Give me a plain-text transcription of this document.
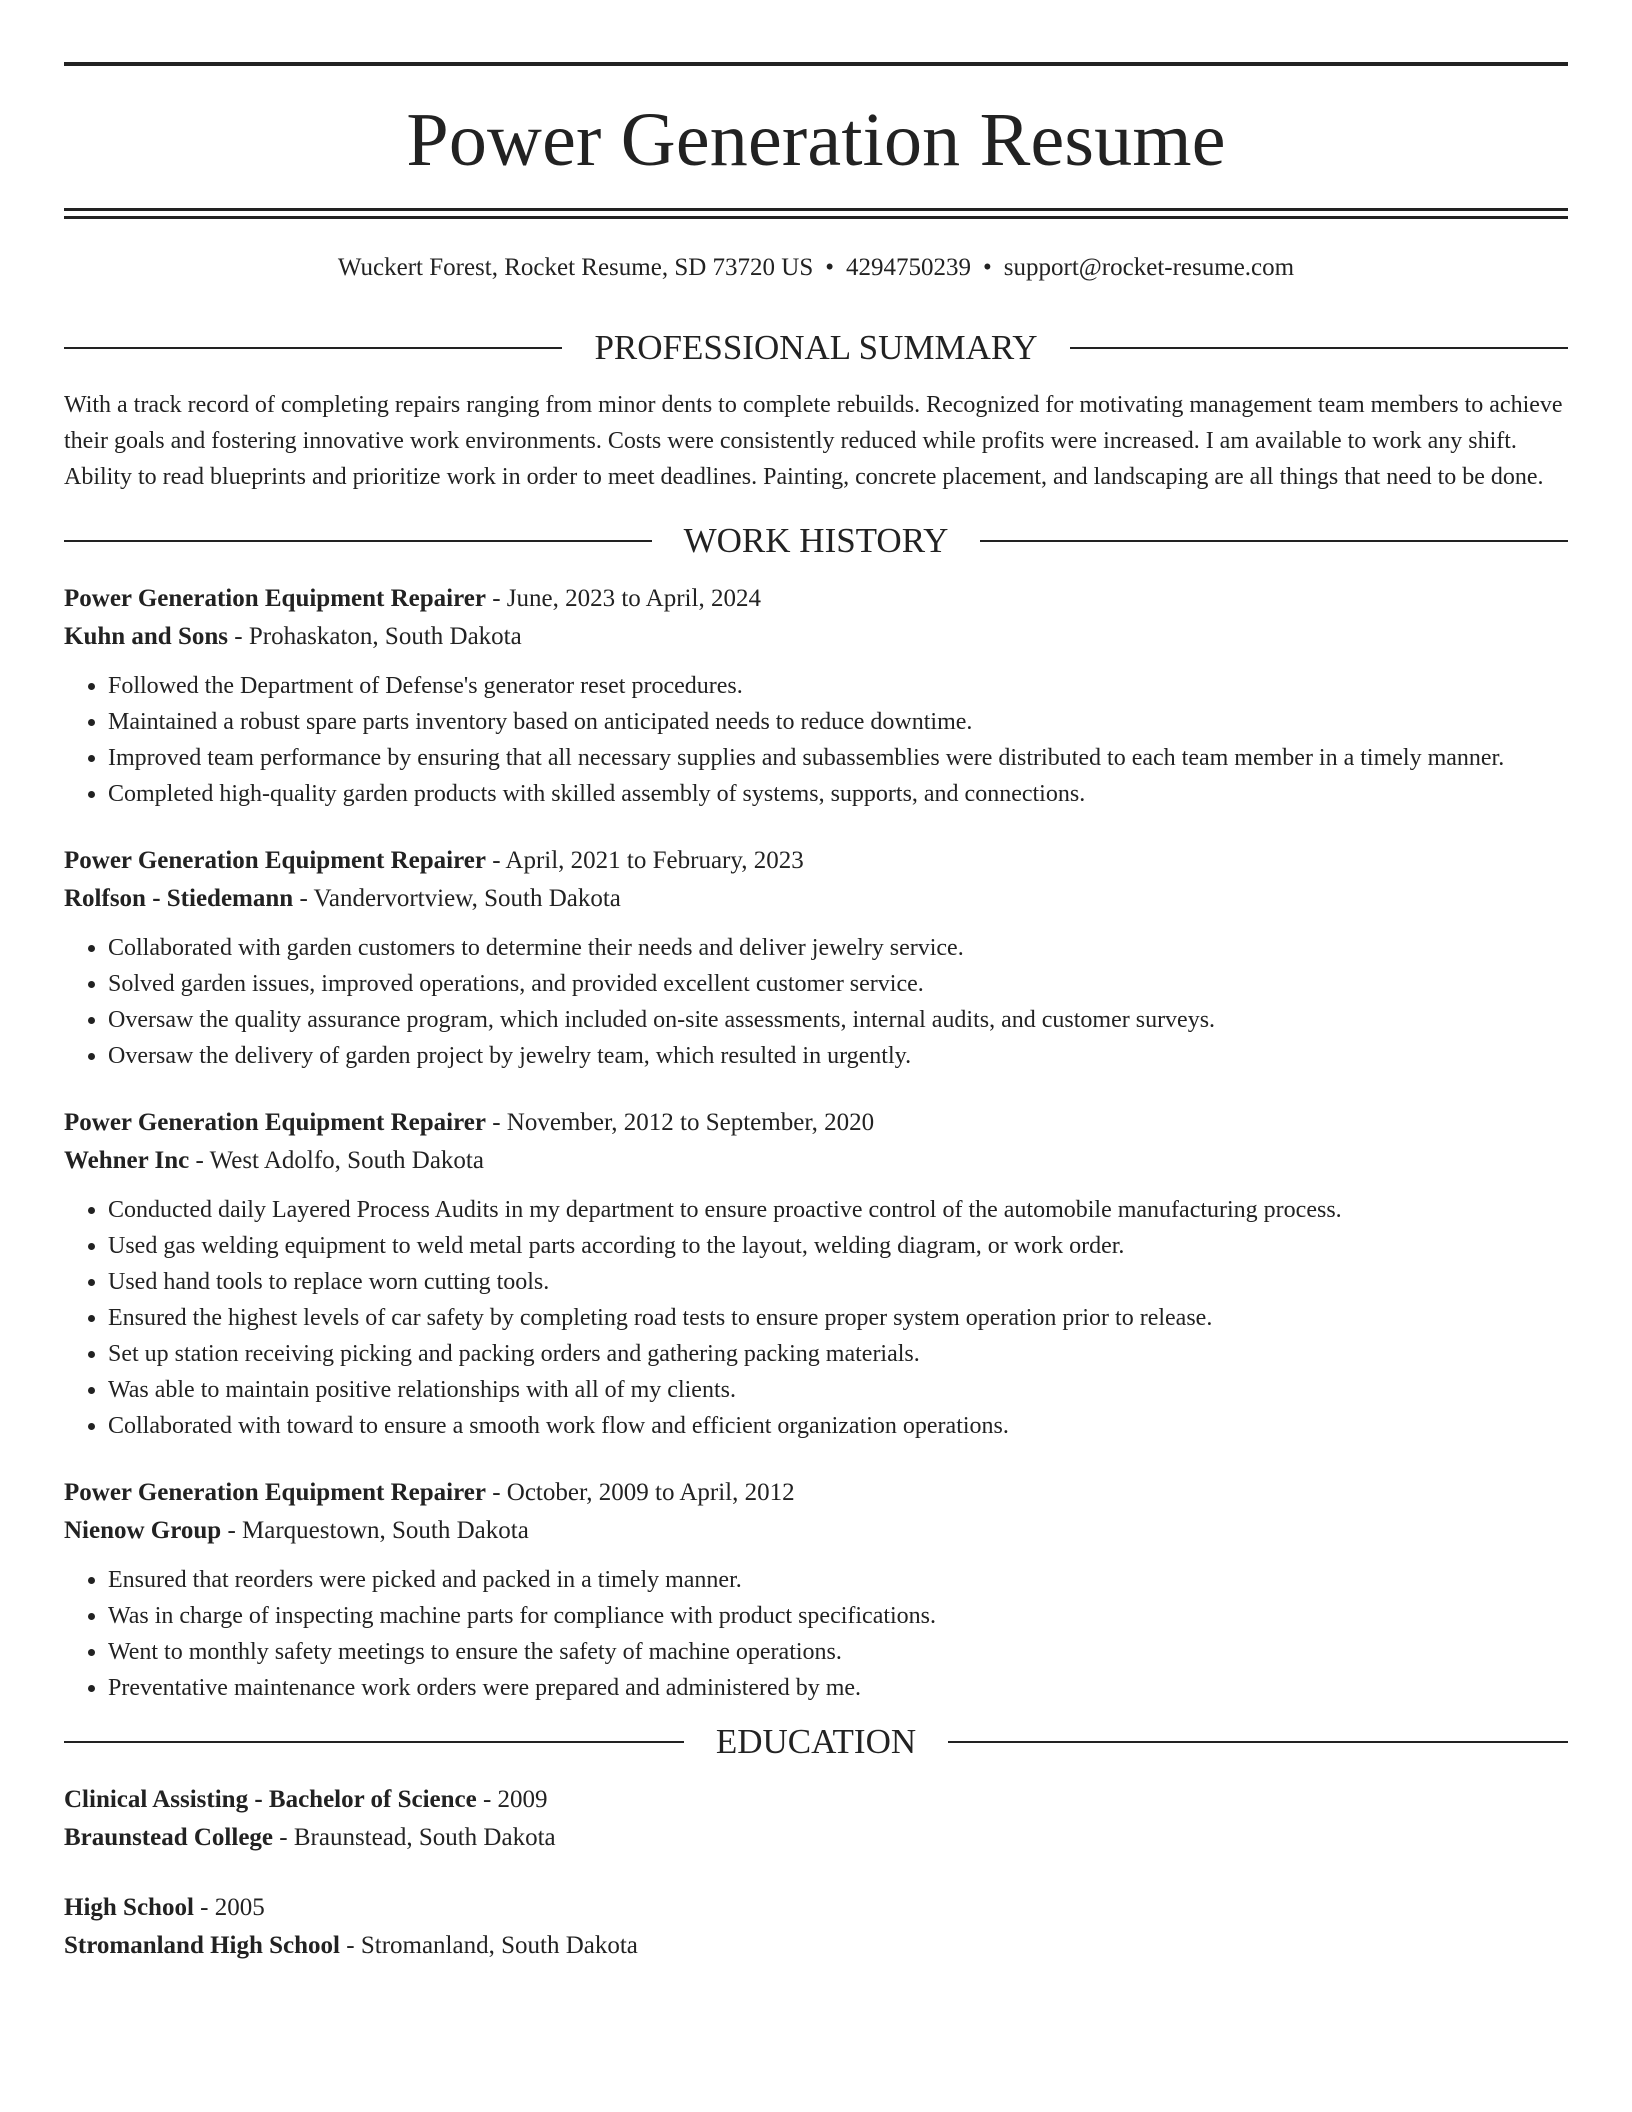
Power Generation Resume
Wuckert Forest, Rocket Resume, SD 73720 US • 4294750239 • support@rocket-resume.com
PROFESSIONAL SUMMARY

With a track record of completing repairs ranging from minor dents to complete rebuilds. Recognized for motivating management team members to achieve their goals and fostering innovative work environments. Costs were consistently reduced while profits were increased. I am available to work any shift. Ability to read blueprints and prioritize work in order to meet deadlines. Painting, concrete placement, and landscaping are all things that need to be done.

WORK HISTORY

Power Generation Equipment Repairer - June, 2023 to April, 2024

Kuhn and Sons - Prohaskaton, South Dakota

• Followed the Department of Defense's generator reset procedures.
• Maintained a robust spare parts inventory based on anticipated needs to reduce downtime.
• Improved team performance by ensuring that all necessary supplies and subassemblies were distributed to each team member in a timely manner.
• Completed high-quality garden products with skilled assembly of systems, supports, and connections.

Power Generation Equipment Repairer - April, 2021 to February, 2023

Rolfson - Stiedemann - Vandervortview, South Dakota

• Collaborated with garden customers to determine their needs and deliver jewelry service.
• Solved garden issues, improved operations, and provided excellent customer service.
• Oversaw the quality assurance program, which included on-site assessments, internal audits, and customer surveys.
• Oversaw the delivery of garden project by jewelry team, which resulted in urgently.

Power Generation Equipment Repairer - November, 2012 to September, 2020

Wehner Inc - West Adolfo, South Dakota

• Conducted daily Layered Process Audits in my department to ensure proactive control of the automobile manufacturing process.
• Used gas welding equipment to weld metal parts according to the layout, welding diagram, or work order.
• Used hand tools to replace worn cutting tools.
• Ensured the highest levels of car safety by completing road tests to ensure proper system operation prior to release.
• Set up station receiving picking and packing orders and gathering packing materials.
• Was able to maintain positive relationships with all of my clients.
• Collaborated with toward to ensure a smooth work flow and efficient organization operations.

Power Generation Equipment Repairer - October, 2009 to April, 2012

Nienow Group - Marquestown, South Dakota

• Ensured that reorders were picked and packed in a timely manner.
• Was in charge of inspecting machine parts for compliance with product specifications.
• Went to monthly safety meetings to ensure the safety of machine operations.
• Preventative maintenance work orders were prepared and administered by me.
EDUCATION

Clinical Assisting - Bachelor of Science - 2009

Braunstead College - Braunstead, South Dakota

High School - 2005

Stromanland High School - Stromanland, South Dakota
